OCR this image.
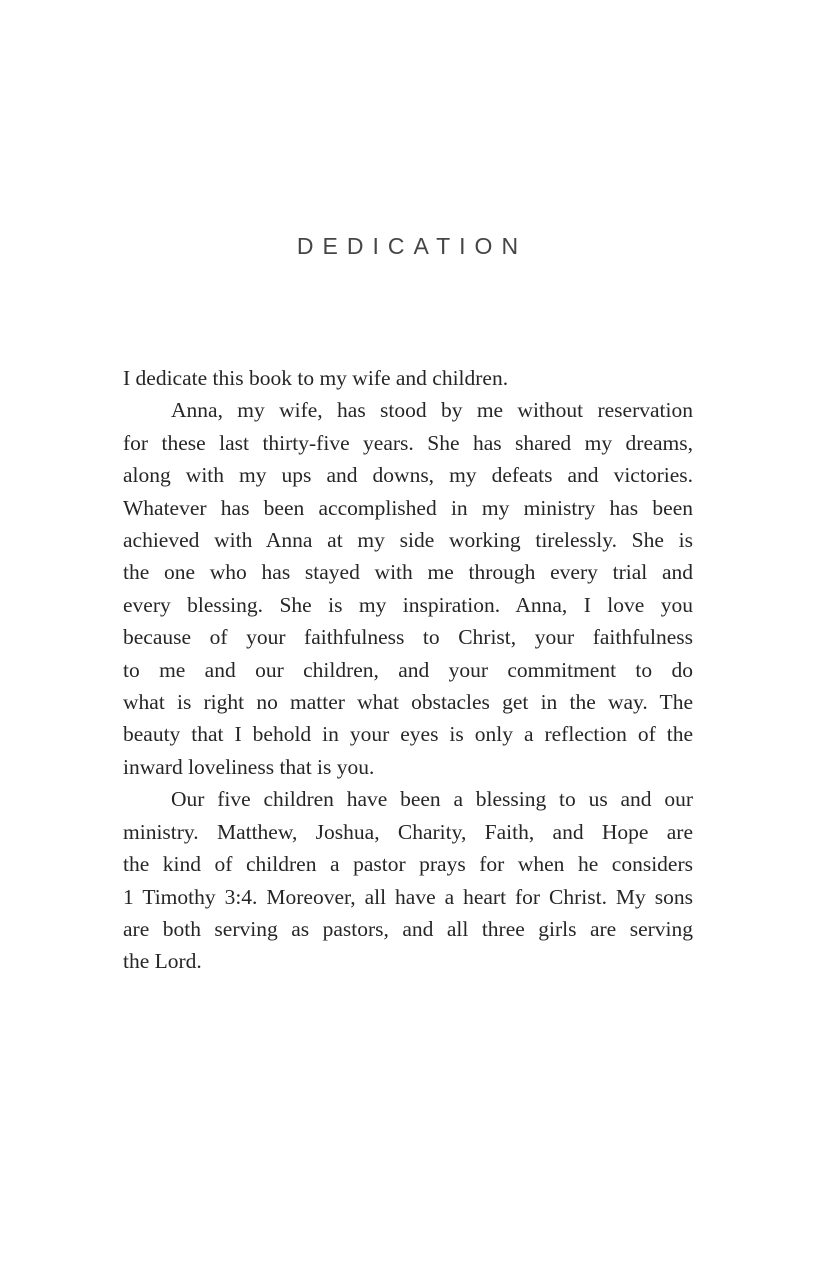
DEDICATION
I dedicate this book to my wife and children.
Anna, my wife, has stood by me without reservation
for these last thirty-five years. She has shared my dreams,
along with my ups and downs, my defeats and victories.
Whatever has been accomplished in my ministry has been
achieved with Anna at my side working tirelessly. She is
the one who has stayed with me through every trial and
every blessing. She is my inspiration. Anna, I love you
because of your faithfulness to Christ, your faithfulness
to me and our children, and your commitment to do
what is right no matter what obstacles get in the way. The
beauty that I behold in your eyes is only a reflection of the
inward loveliness that is you.
Our five children have been a blessing to us and our
ministry. Matthew, Joshua, Charity, Faith, and Hope are
the kind of children a pastor prays for when he considers
1 Timothy 3:4. Moreover, all have a heart for Christ. My sons
are both serving as pastors, and all three girls are serving
the Lord.
